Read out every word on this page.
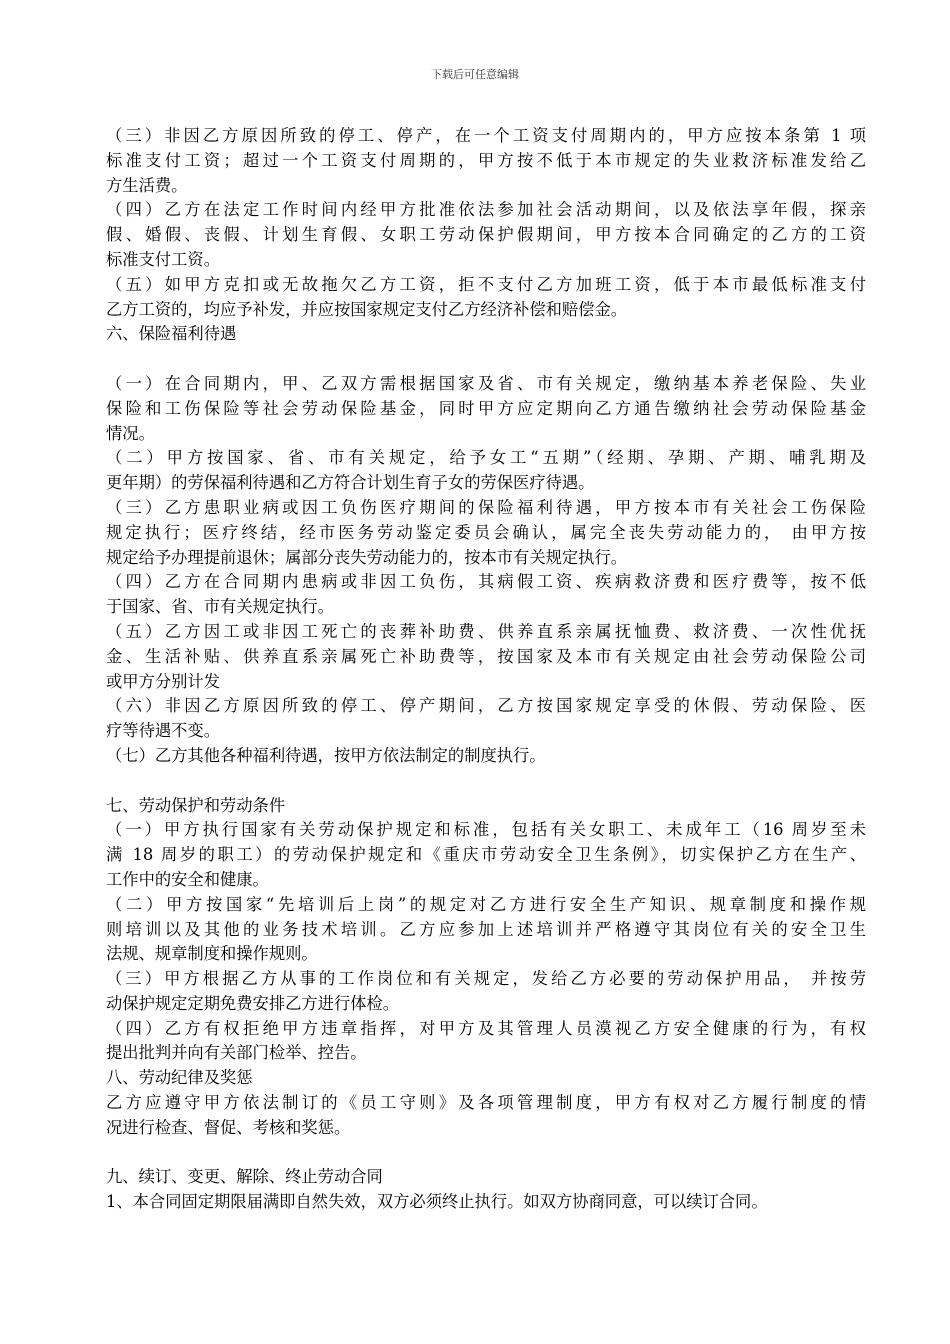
下载后可任意编辑
（三）非因乙方原因所致的停工、停产，在一个工资支付周期内的，甲方应按本条第 1 项
标准支付工资；超过一个工资支付周期的，甲方按不低于本市规定的失业救济标准发给乙
方生活费。
（四）乙方在法定工作时间内经甲方批准依法参加社会活动期间，以及依法享年假，探亲
假、婚假、丧假、计划生育假、女职工劳动保护假期间，甲方按本合同确定的乙方的工资
标准支付工资。
（五）如甲方克扣或无故拖欠乙方工资，拒不支付乙方加班工资，低于本市最低标准支付
乙方工资的，均应予补发，并应按国家规定支付乙方经济补偿和赔偿金。
六、保险福利待遇
（一）在合同期内，甲、乙双方需根据国家及省、市有关规定，缴纳基本养老保险、失业
保险和工伤保险等社会劳动保险基金，同时甲方应定期向乙方通告缴纳社会劳动保险基金
情况。
（二）甲方按国家、省、市有关规定，给予女工“五期”（经期、孕期、产期、哺乳期及
更年期）的劳保福利待遇和乙方符合计划生育子女的劳保医疗待遇。
（三）乙方患职业病或因工负伤医疗期间的保险福利待遇，甲方按本市有关社会工伤保险
规定执行；医疗终结，经市医务劳动鉴定委员会确认，属完全丧失劳动能力的， 由甲方按
规定给予办理提前退休；属部分丧失劳动能力的，按本市有关规定执行。
（四）乙方在合同期内患病或非因工负伤，其病假工资、疾病救济费和医疗费等，按不低
于国家、省、市有关规定执行。
（五）乙方因工或非因工死亡的丧葬补助费、供养直系亲属抚恤费、救济费、一次性优抚
金、生活补贴、供养直系亲属死亡补助费等，按国家及本市有关规定由社会劳动保险公司
或甲方分别计发
（六）非因乙方原因所致的停工、停产期间，乙方按国家规定享受的休假、劳动保险、医
疗等待遇不变。
（七）乙方其他各种福利待遇，按甲方依法制定的制度执行。
七、劳动保护和劳动条件
（一）甲方执行国家有关劳动保护规定和标准，包括有关女职工、未成年工（16 周岁至未
满 18 周岁的职工）的劳动保护规定和《重庆市劳动安全卫生条例》，切实保护乙方在生产、
工作中的安全和健康。
（二）甲方按国家“先培训后上岗”的规定对乙方进行安全生产知识、规章制度和操作规
则培训以及其他的业务技术培训。乙方应参加上述培训并严格遵守其岗位有关的安全卫生
法规、规章制度和操作规则。
（三）甲方根据乙方从事的工作岗位和有关规定，发给乙方必要的劳动保护用品， 并按劳
动保护规定定期免费安排乙方进行体检。
（四）乙方有权拒绝甲方违章指挥，对甲方及其管理人员漠视乙方安全健康的行为，有权
提出批判并向有关部门检举、控告。
八、劳动纪律及奖惩
乙方应遵守甲方依法制订的《员工守则》及各项管理制度，甲方有权对乙方履行制度的情
况进行检查、督促、考核和奖惩。
九、续订、变更、解除、终止劳动合同
1、本合同固定期限届满即自然失效，双方必须终止执行。如双方协商同意，可以续订合同。
